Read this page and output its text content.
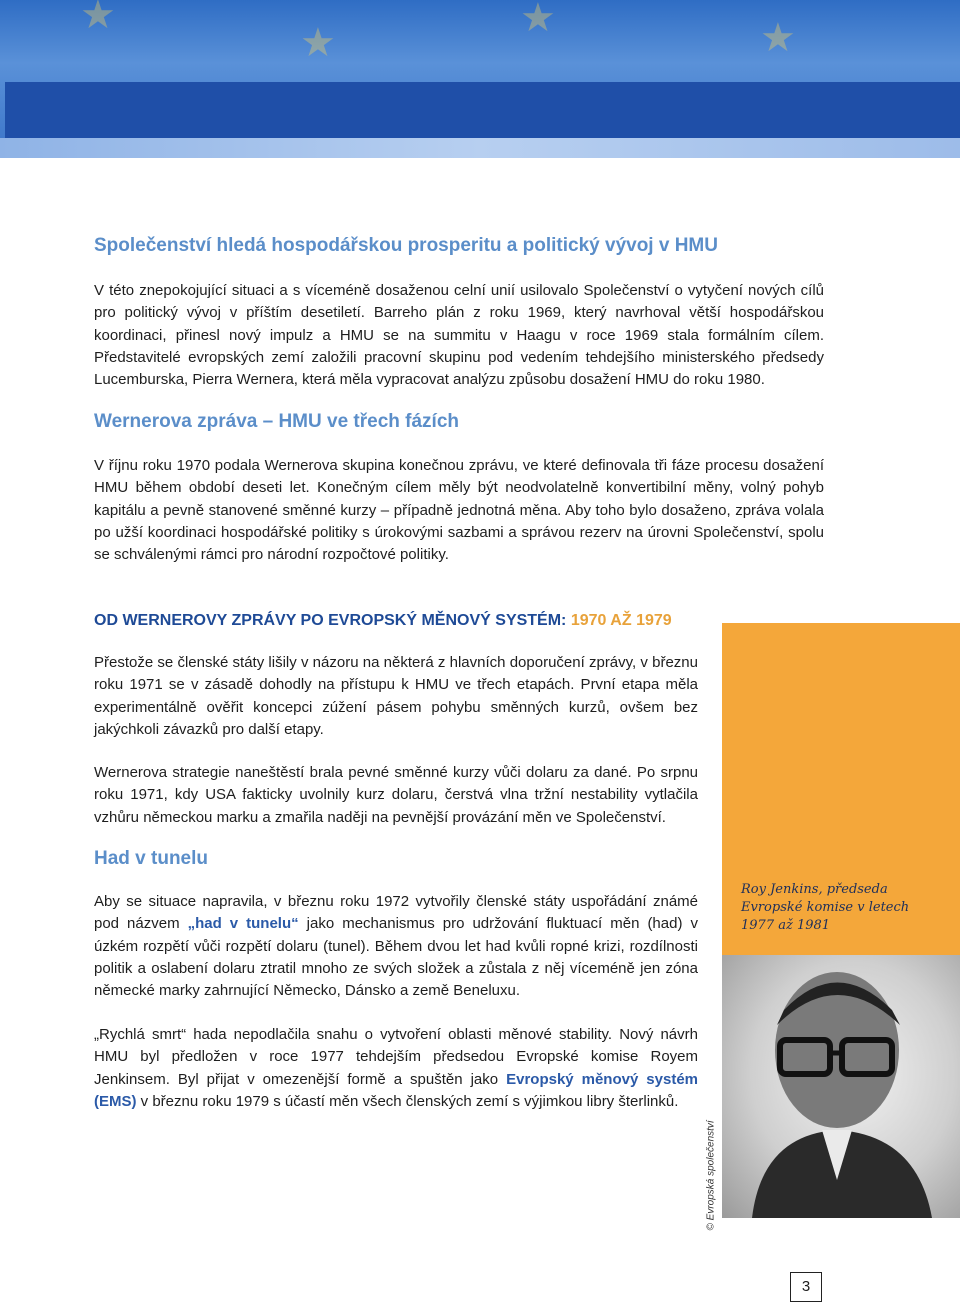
★
★
★	★
Společenství hledá hospodářskou prosperitu a politický vývoj v HMU

V této znepokojující situaci a s víceméně dosaženou celní unií usilovalo Společenství o vytyčení nových cílů pro politický vývoj v příštím desetiletí. Barreho plán z roku 1969, který navrhoval větší hospodářskou koordinaci, přinesl nový impulz a HMU se na summitu v Haagu v roce 1969 stala formálním cílem. Představitelé evropských zemí založili pracovní skupinu pod vedením tehdejšího ministerského předsedy Lucemburska, Pierra Wernera, která měla vypracovat analýzu způsobu dosažení HMU do roku 1980.

Wernerova zpráva – HMU ve třech fázích

V říjnu roku 1970 podala Wernerova skupina konečnou zprávu, ve které definovala tři fáze procesu dosažení HMU během období deseti let. Konečným cílem měly být neodvolatelně konvertibilní měny, volný pohyb kapitálu a pevně stanovené směnné kurzy – případně jednotná měna. Aby toho bylo dosaženo, zpráva volala po užší koordinaci hospodářské politiky s úrokovými sazbami a správou rezerv na úrovni Společenství, spolu se schválenými rámci pro národní rozpočtové politiky.

OD WERNEROVY ZPRÁVY PO EVROPSKÝ MĚNOVÝ SYSTÉM: 1970 AŽ 1979

Roy Jenkins, předseda Evropské komise v letech 1977 až 1981

© Evropská společenství

Přestože se členské státy lišily v názoru na některá z hlavních doporučení zprávy, v březnu roku 1971 se v zásadě dohodly na přístupu k HMU ve třech etapách. První etapa měla experimentálně ověřit koncepci zúžení pásem pohybu směnných kurzů, ovšem bez jakýchkoli závazků pro další etapy.

Wernerova strategie naneštěstí brala pevné směnné kurzy vůči dolaru za dané. Po srpnu roku 1971, kdy USA fakticky uvolnily kurz dolaru, čerstvá vlna tržní nestability vytlačila vzhůru německou marku a zmařila naději na pevnější provázání měn ve Společenství.

Had v tunelu

Aby se situace napravila, v březnu roku 1972 vytvořily členské státy uspořádání známé pod názvem „had v tunelu“ jako mechanismus pro udržování fluktuací měn (had) v úzkém rozpětí vůči rozpětí dolaru (tunel). Během dvou let had kvůli ropné krizi, rozdílnosti politik a oslabení dolaru ztratil mnoho ze svých složek a zůstala z něj víceméně jen zóna německé marky zahrnující Německo, Dánsko a země Beneluxu.

„Rychlá smrt“ hada nepodlačila snahu o vytvoření oblasti měnové stability. Nový návrh HMU byl předložen v roce 1977 tehdejším předsedou Evropské komise Royem Jenkinsem. Byl přijat v omezenější formě a spuštěn jako Evropský měnový systém (EMS) v březnu roku 1979 s účastí měn všech členských zemí s výjimkou libry šterlinků.

3
